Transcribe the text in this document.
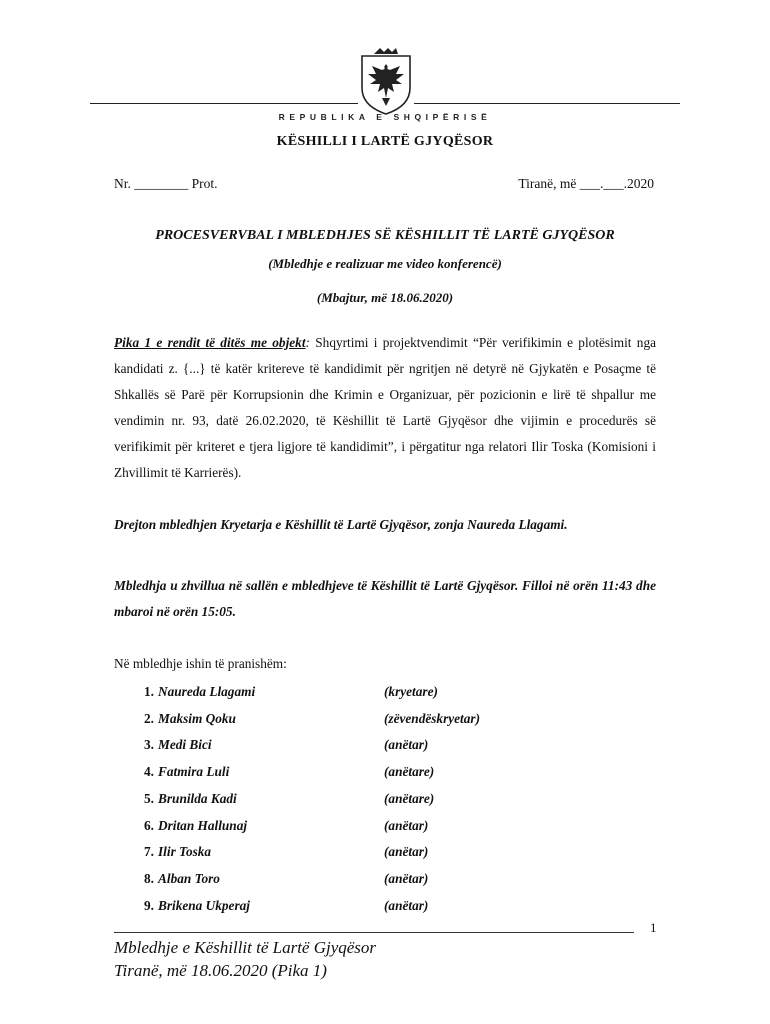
REPUBLIKA E SHQIPËRISË
KËSHILLI I LARTË GJYQËSOR
Nr. ________ Prot.	Tiranë, më ___.___.2020
PROCESVERVBAL I MBLEDHJES SË KËSHILLIT TË LARTË GJYQËSOR
(Mbledhje e realizuar me video konferencë)
(Mbajtur, më 18.06.2020)
Pika 1 e rendit të ditës me objekt: Shqyrtimi i projektvendimit “Për verifikimin e plotësimit nga kandidati z. {...} të katër kritereve të kandidimit për ngritjen në detyrë në Gjykatën e Posaçme të Shkallës së Parë për Korrupsionin dhe Krimin e Organizuar, për pozicionin e lirë të shpallur me vendimin nr. 93, datë 26.02.2020, të Këshillit të Lartë Gjyqësor dhe vijimin e procedurës së verifikimit për kriteret e tjera ligjore të kandidimit”, i përgatitur nga relatori Ilir Toska (Komisioni i Zhvillimit të Karrierës).
Drejton mbledhjen Kryetarja e Këshillit të Lartë Gjyqësor, zonja Naureda Llagami.
Mbledhja u zhvillua në sallën e mbledhjeve të Këshillit të Lartë Gjyqësor. Filloi në orën 11:43 dhe mbaroi në orën 15:05.
Në mbledhje ishin të pranishëm:
1. Naureda Llagami	(kryetare)
2. Maksim Qoku	(zëvendëskryetar)
3. Medi Bici	(anëtar)
4. Fatmira Luli	(anëtare)
5. Brunilda Kadi	(anëtare)
6. Dritan Hallunaj	(anëtar)
7. Ilir Toska	(anëtar)
8. Alban Toro	(anëtar)
9. Brikena Ukperaj	(anëtar)
1
Mbledhje e Këshillit të Lartë Gjyqësor
Tiranë, më 18.06.2020 (Pika 1)
